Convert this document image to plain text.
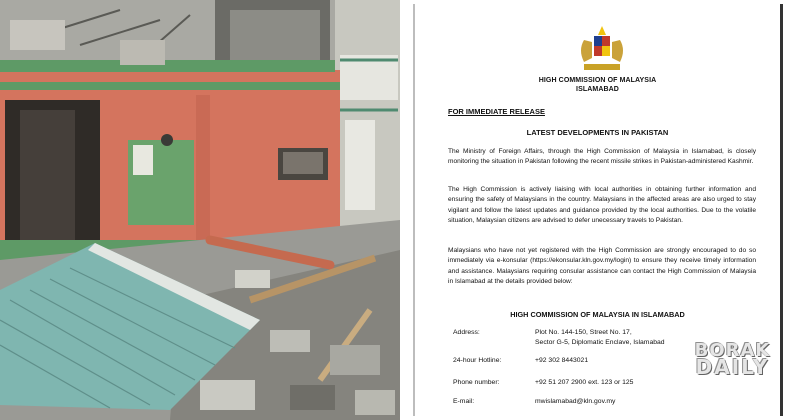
HIGH COMMISSION OF MALAYSIA
ISLAMABAD
FOR IMMEDIATE RELEASE
LATEST DEVELOPMENTS IN PAKISTAN
The Ministry of Foreign Affairs, through the High Commission of Malaysia in Islamabad, is closely monitoring the situation in Pakistan following the recent missile strikes in Pakistan-administered Kashmir.
The High Commission is actively liaising with local authorities in obtaining further information and ensuring the safety of Malaysians in the country. Malaysians in the affected areas are also urged to stay vigilant and follow the latest updates and guidance provided by the local authorities. Due to the volatile situation, Malaysian citizens are advised to defer unecessary travels to Pakistan.
Malaysians who have not yet registered with the High Commission are strongly encouraged to do so immediately via e-konsular (https://ekonsular.kln.gov.my/login) to ensure they receive timely information and assistance. Malaysians requiring consular assistance can contact the High Commission of Malaysia in Islamabad at the details provided below:
HIGH COMMISSION OF MALAYSIA IN ISLAMABAD
Address:	Plot No. 144-150, Street No. 17,
Sector G-5, Diplomatic Enclave, Islamabad
24-hour Hotline:	+92 302 8443021
Phone number:	+92 51 207 2900 ext. 123 or 125
E-mail:	mwislamabad@kln.gov.my
BORAK
DAILY
